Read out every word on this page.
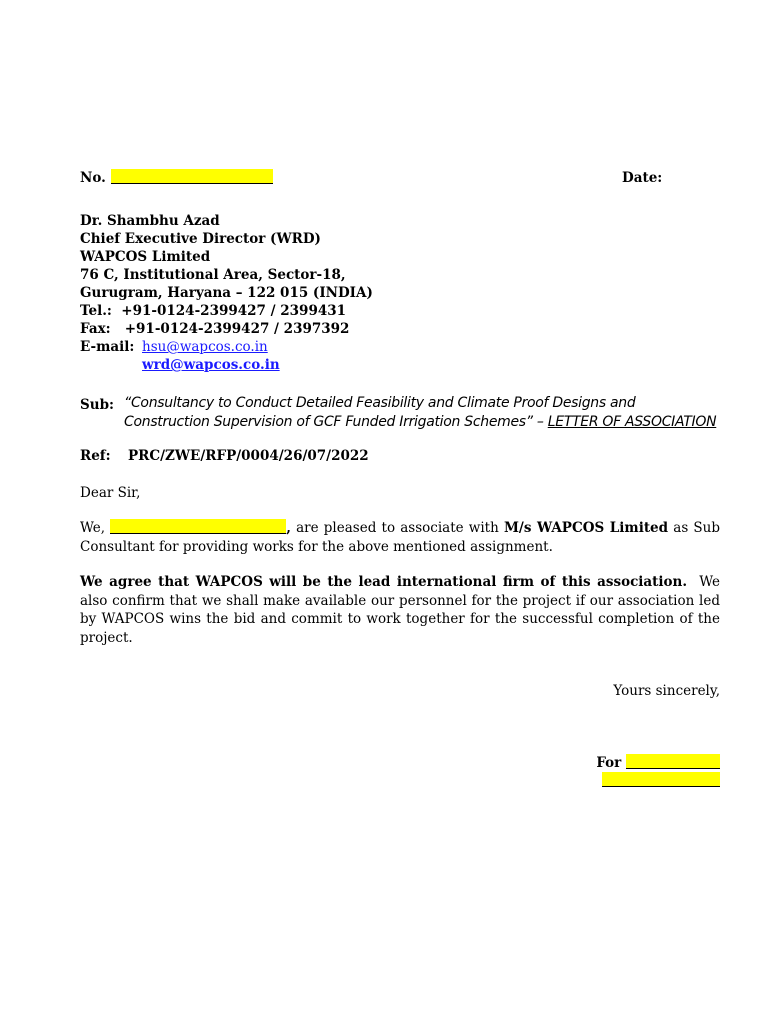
No.	Date:
Dr. Shambhu Azad
Chief Executive Director (WRD)
WAPCOS Limited
76 C, Institutional Area, Sector-18,
Gurugram, Haryana – 122 015 (INDIA)
Tel.:  +91-0124-2399427 / 2399431
Fax:   +91-0124-2399427 / 2397392
E-mail: hsu@wapcos.co.in
wrd@wapcos.co.in
Sub: “Consultancy to Conduct Detailed Feasibility and Climate Proof Designs and Construction Supervision of GCF Funded Irrigation Schemes” – LETTER OF ASSOCIATION
Ref: PRC/ZWE/RFP/0004/26/07/2022
Dear Sir,
We,	, are pleased to associate with M/s WAPCOS Limited as Sub Consultant for providing works for the above mentioned assignment.
We agree that WAPCOS will be the lead international firm of this association.  We also confirm that we shall make available our personnel for the project if our association led by WAPCOS wins the bid and commit to work together for the successful completion of the project.
Yours sincerely,
For
